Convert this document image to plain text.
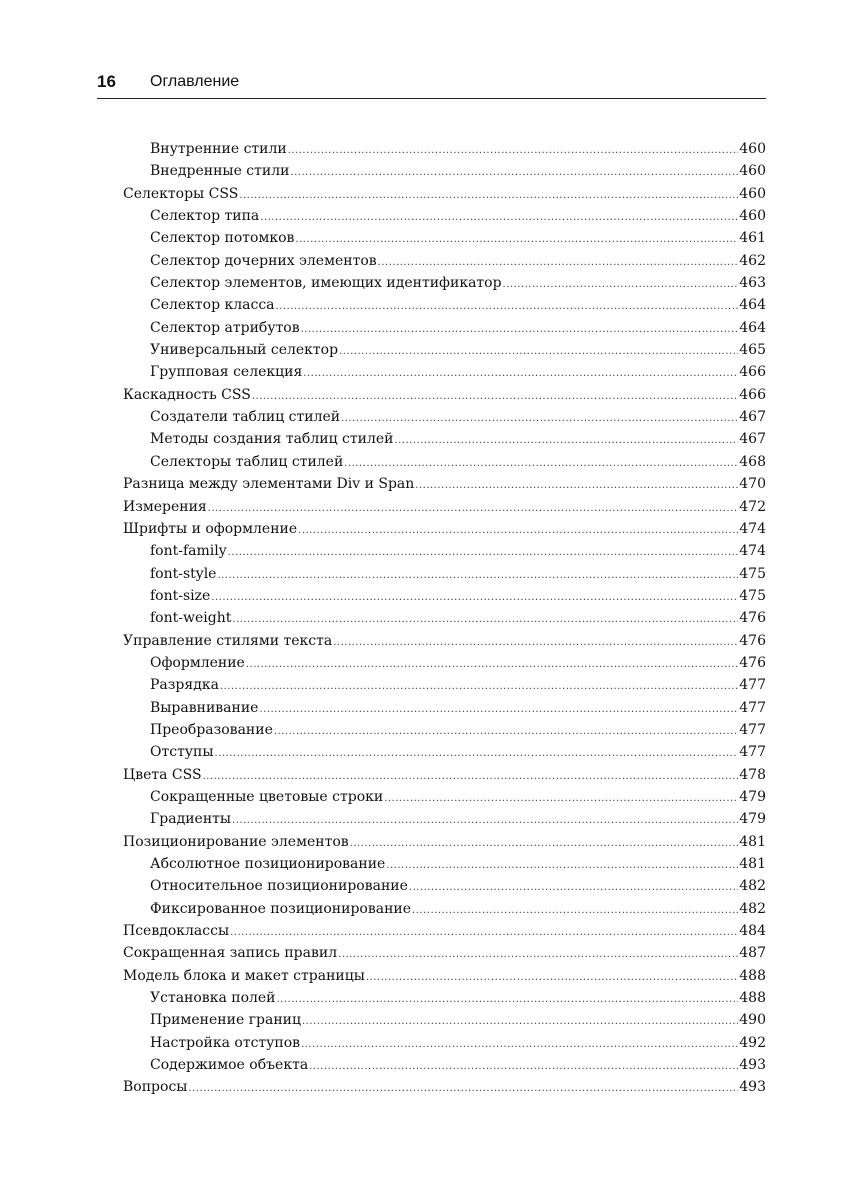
16 Оглавление
Внутренние стили .....	460
Внедренные стили .....	460
Селекторы CSS .....	460
Селектор типа .....	460
Селектор потомков .....	461
Селектор дочерних элементов .....	462
Селектор элементов, имеющих идентификатор .....	463
Селектор класса .....	464
Селектор атрибутов .....	464
Универсальный селектор .....	465
Групповая селекция .....	466
Каскадность CSS .....	466
Создатели таблиц стилей .....	467
Методы создания таблиц стилей .....	467
Селекторы таблиц стилей .....	468
Разница между элементами Div и Span .....	470
Измерения .....	472
Шрифты и оформление .....	474
font-family .....	474
font-style .....	475
font-size .....	475
font-weight .....	476
Управление стилями текста .....	476
Оформление .....	476
Разрядка .....	477
Выравнивание .....	477
Преобразование .....	477
Отступы .....	477
Цвета CSS .....	478
Сокращенные цветовые строки .....	479
Градиенты .....	479
Позиционирование элементов .....	481
Абсолютное позиционирование .....	481
Относительное позиционирование .....	482
Фиксированное позиционирование .....	482
Псевдоклассы .....	484
Сокращенная запись правил .....	487
Модель блока и макет страницы .....	488
Установка полей .....	488
Применение границ .....	490
Настройка отступов .....	492
Содержимое объекта .....	493
Вопросы .....	493
